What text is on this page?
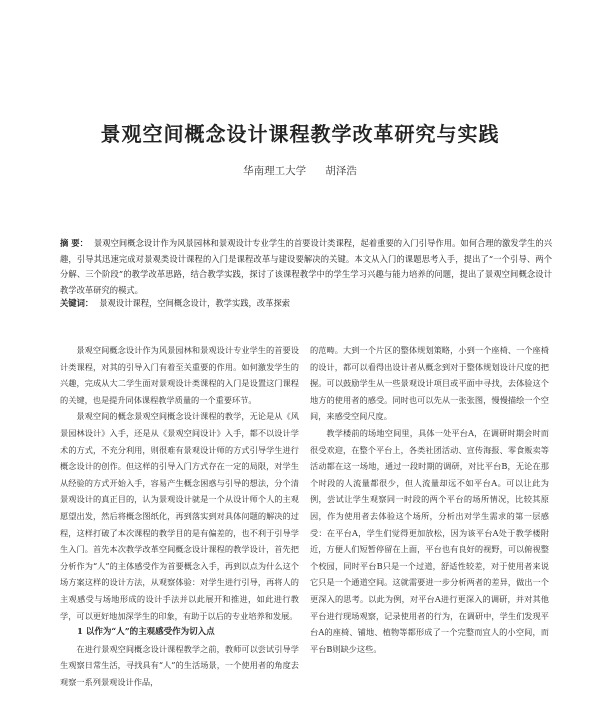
景观空间概念设计课程教学改革研究与实践
华南理工大学 胡泽浩
摘 要： 景观空间概念设计作为风景园林和景观设计专业学生的首要设计类课程，起着重要的入门引导作用。如何合理的激发学生的兴趣，引导其迅速完成对景观类设计课程的入门是课程改革与建设要解决的关键。本文从入门的课题思考入手，提出了“一个引导、两个分解、三个阶段”的教学改革思路，结合教学实践，探讨了该课程教学中的学生学习兴趣与能力培养的问题，提出了景观空间概念设计教学改革研究的模式。
关键词： 景观设计课程，空间概念设计，教学实践，改革探索

景观空间概念设计作为风景园林和景观设计专业学生的首要设计类课程，对其的引导入门有着至关重要的作用。如何激发学生的兴趣，完成从大二学生面对景观设计类课程的入门是设置这门课程的关键，也是提升同体课程教学质量的一个重要环节。

景观空间的概念景观空间概念设计课程的教学，无论是从《风景园林设计》入手，还是从《景观空间设计》入手，都不以设计学术的方式，不充分利用，则很难有景观设计师的方式引导学生进行概念设计的创作。但这样的引导入门方式存在一定的局限，对学生从经验的方式开始入手，容易产生概念困惑与引导的想法，分个清景观设计的真正目的，认为景观设计就是一个从设计师个人的主观愿望出发，然后将概念图纸化，再到落实到对具体问题的解决的过程，这样打破了本次课程的教学目的是有偏差的，也不利于引导学生入门。首先本次教学改革空间概念设计课程的教学设计，首先把分析作为“人”的主体感受作为首要概念入手，再到以点为什么这个场方案这样的设计方法，从观察体验：对学生进行引导，再将人的主观感受与场地形成的设计手法并以此展开和推进，如此进行教学，可以更好地加深学生的印象，有助于以后的专业培养和发展。

1 以作为“人”的主观感受作为切入点

在进行景观空间概念设计课程教学之前，教师可以尝试引导学生观察日常生活，寻找具有“人”的生活场景，一个使用者的角度去观察一系列景观设计作品，

的范畴。大到一个片区的整体规划策略，小到一个座椅、一个座椅的设计，都可以看得出设计者从概念到对于整体规划设计尺度的把握。可以鼓励学生从一些景观设计项目或平面中寻找，去体验这个地方的使用者的感受。同时也可以先从一张张图，慢慢描绘一个空间，来感受空间尺度。

教学楼前的场地空间里，具体一处平台A，在调研时期会时而很受欢迎，在整个平台上，各类社团活动、宣传海报、零食贩卖等活动都在这一场地，通过一段时期的调研，对比平台B，无论在那个时段的人流量都很少，但人流量却远不如平台A。可以让此为例，尝试让学生观察同一时段的两个平台的场所情况，比较其原因，作为使用者去体验这个场所，分析出对学生需求的第一层感受：在平台A，学生们觉得更加放松，因为该平台A处于教学楼附近，方便人们短暂停留在上面，平台也有良好的视野，可以俯视整个校园，同时平台B只是一个过道，舒适性较差，对于使用者来说它只是一个通道空间。这就需要进一步分析两者的差异，做出一个更深入的思考。以此为例，对平台A进行更深入的调研，并对其他平台进行现场观察，记录使用者的行为，在调研中，学生们发现平台A的座椅、铺地、植物等都形成了一个完整而宜人的小空间，而平台B则缺少这些。
